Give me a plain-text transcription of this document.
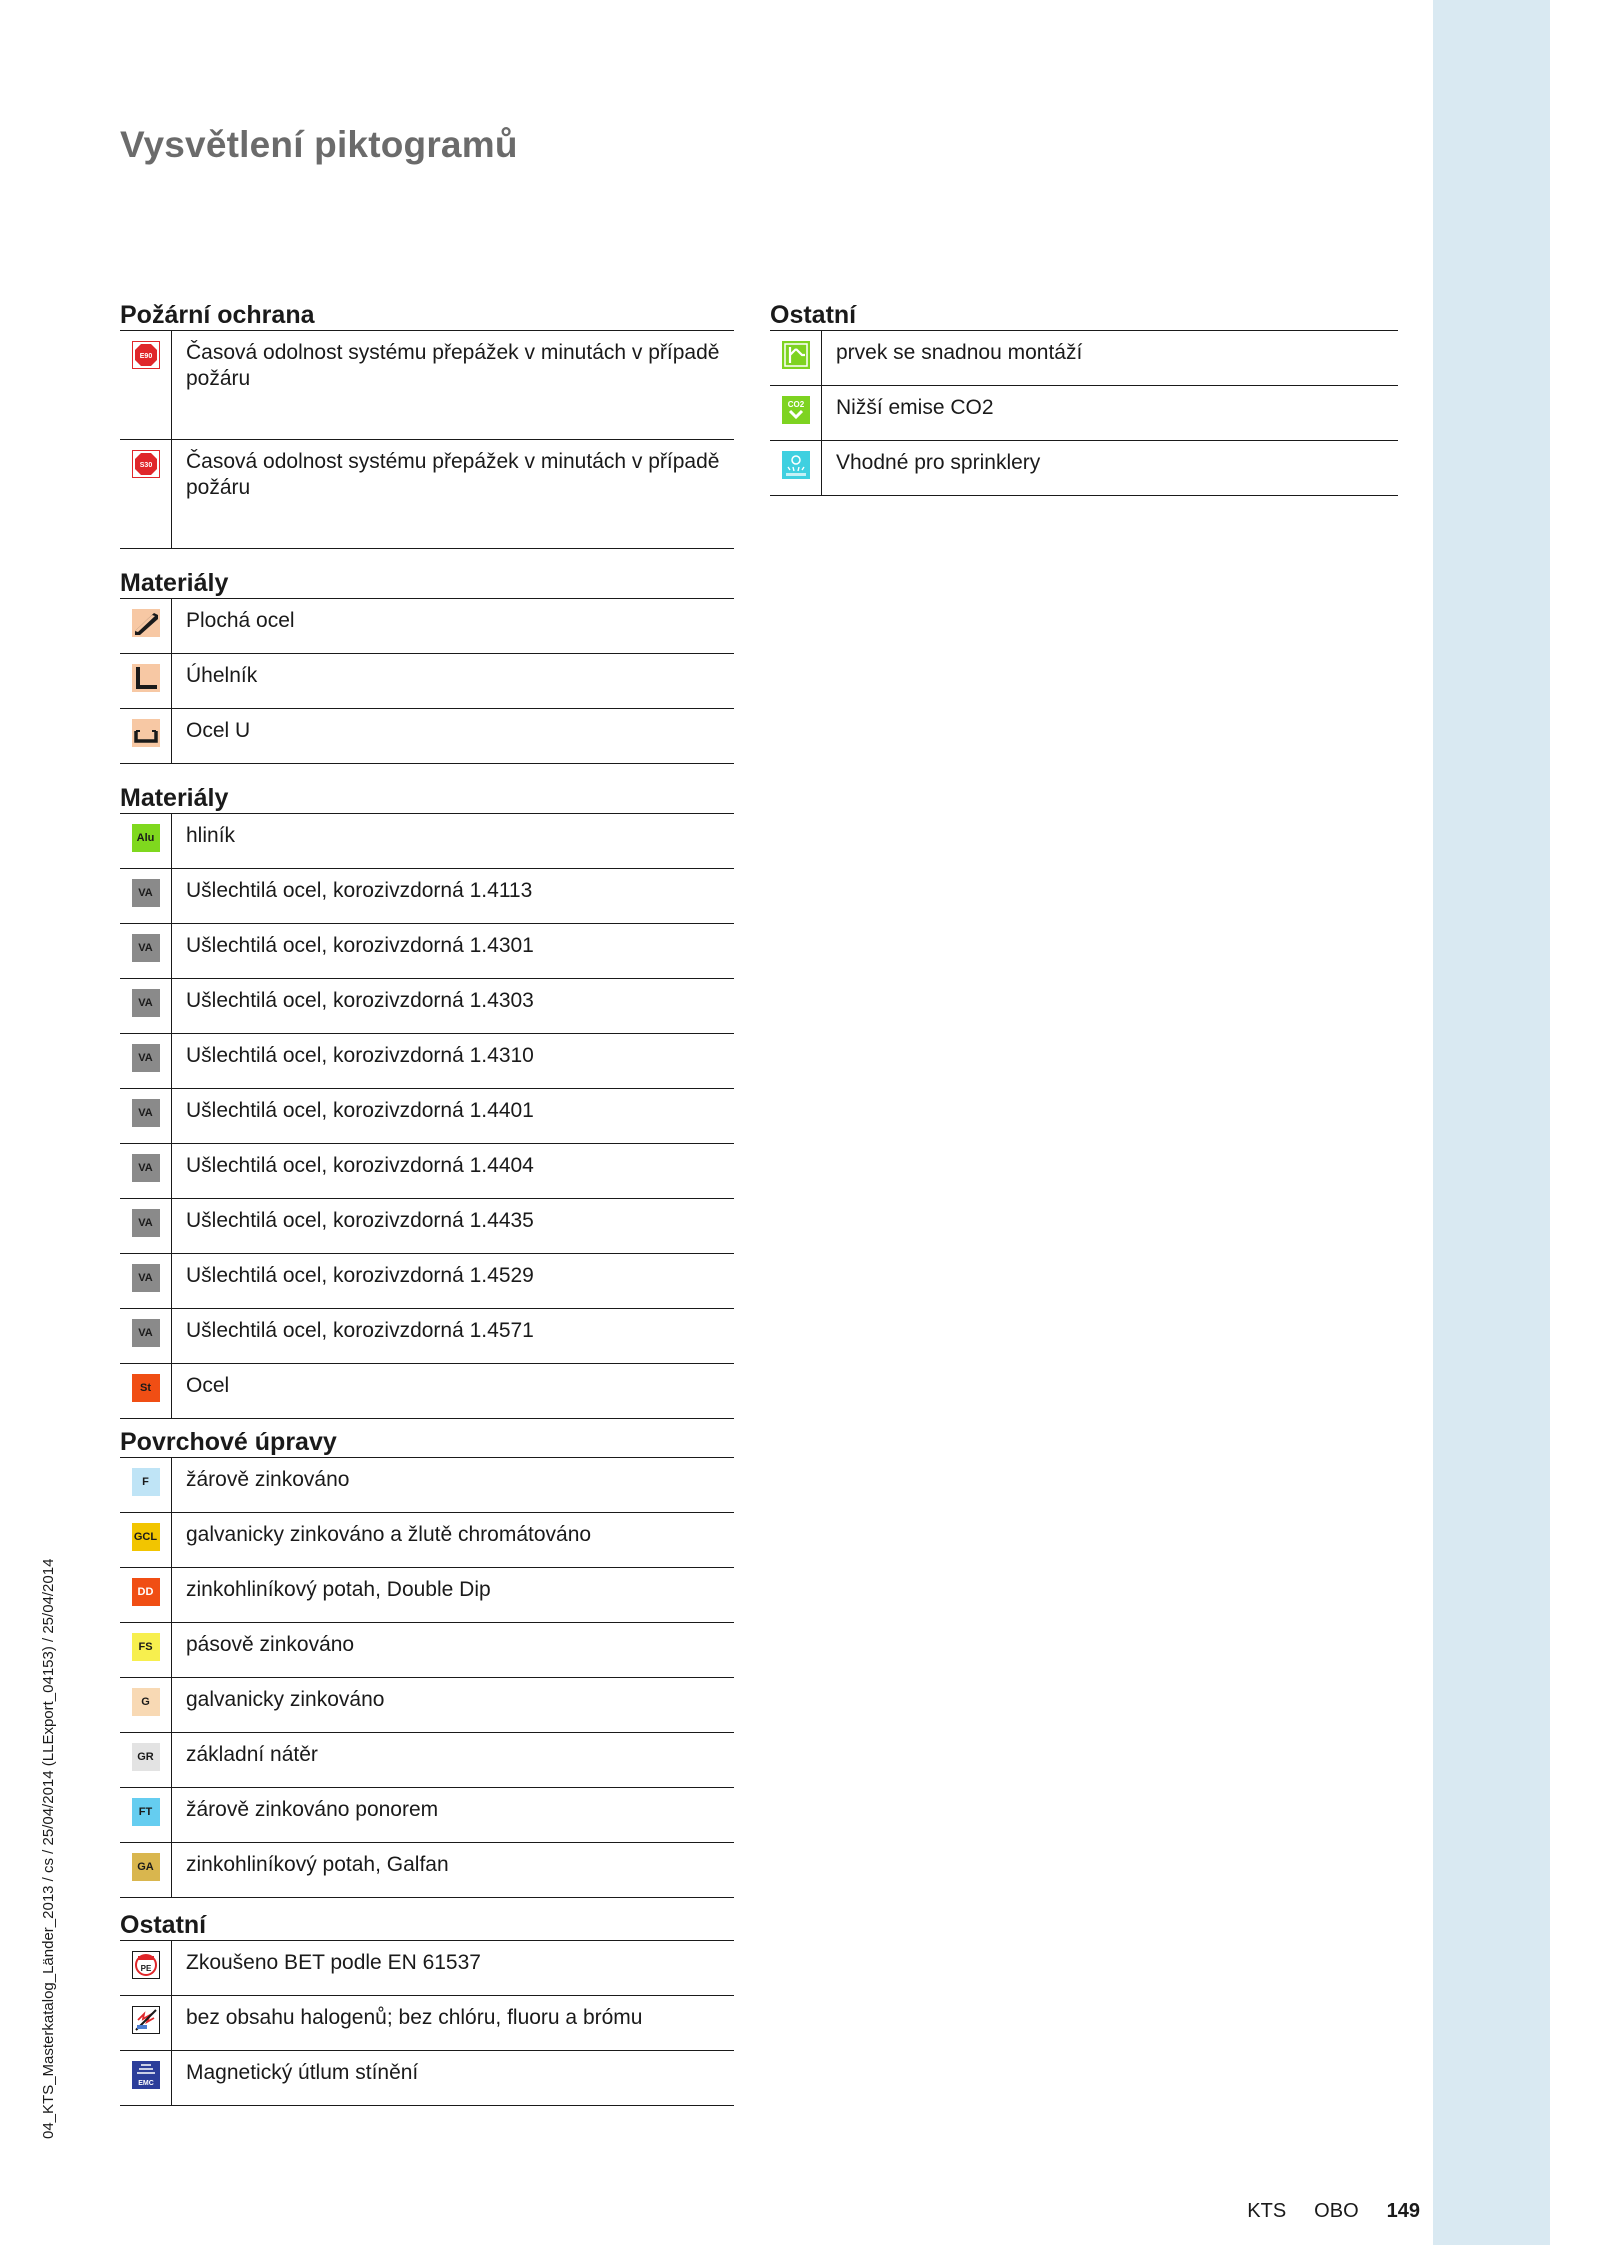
Vysvětlení piktogramů
04_KTS_Masterkatalog_Länder_2013 / cs / 25/04/2014 (LLExport_04153) / 25/04/2014
KTS OBO 149
Požární ochrana
E90	Časová odolnost systému přepážek v minutách v případě požáru
S30	Časová odolnost systému přepážek v minutách v případě požáru
Materiály
Plochá ocel
Úhelník
Ocel U
Materiály
Alu	hliník
VA	Ušlechtilá ocel, korozivzdorná 1.4113
VA	Ušlechtilá ocel, korozivzdorná 1.4301
VA	Ušlechtilá ocel, korozivzdorná 1.4303
VA	Ušlechtilá ocel, korozivzdorná 1.4310
VA	Ušlechtilá ocel, korozivzdorná 1.4401
VA	Ušlechtilá ocel, korozivzdorná 1.4404
VA	Ušlechtilá ocel, korozivzdorná 1.4435
VA	Ušlechtilá ocel, korozivzdorná 1.4529
VA	Ušlechtilá ocel, korozivzdorná 1.4571
St	Ocel
Povrchové úpravy
F	žárově zinkováno
GCL	galvanicky zinkováno a žlutě chromátováno
DD	zinkohliníkový potah, Double Dip
FS	pásově zinkováno
G	galvanicky zinkováno
GR	základní nátěr
FT	žárově zinkováno ponorem
GA	zinkohliníkový potah, Galfan
Ostatní
PE	Zkoušeno BET podle EN 61537
bez obsahu halogenů; bez chlóru, fluoru a brómu
EMC	Magnetický útlum stínění
Ostatní
prvek se snadnou montáží
CO2	Nižší emise CO2
Vhodné pro sprinklery
